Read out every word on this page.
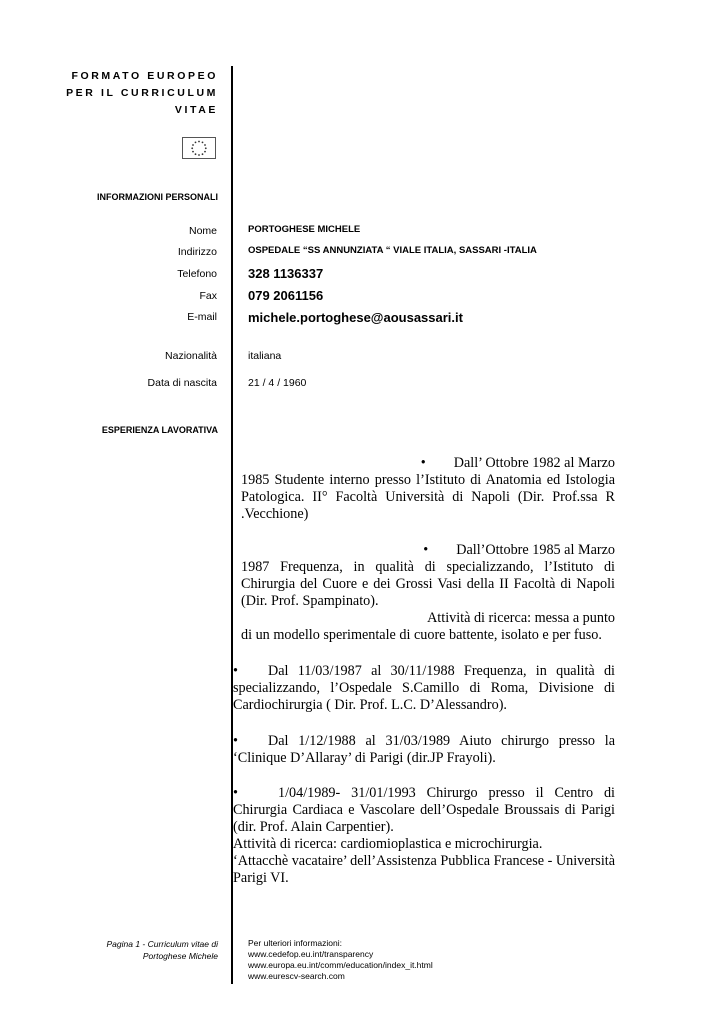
FORMATO EUROPEO
PER IL CURRICULUM
VITAE
INFORMAZIONI PERSONALI
Nome	PORTOGHESE MICHELE
Indirizzo	OSPEDALE “SS ANNUNZIATA “ VIALE ITALIA, SASSARI -ITALIA
Telefono 328 1136337
Fax 079 2061156
E-mail michele.portoghese@aousassari.it
Nazionalità	italiana
Data di nascita	21 / 4 / 1960
ESPERIENZA LAVORATIVA
• Dall’ Ottobre 1982 al Marzo
1985 Studente interno presso l’Istituto di Anatomia ed Istologia Patologica. II° Facoltà Università di Napoli (Dir. Prof.ssa R .Vecchione)
• Dall’Ottobre 1985 al Marzo
1987 Frequenza, in qualità di specializzando, l’Istituto di Chirurgia del Cuore e dei Grossi Vasi della II Facoltà di Napoli (Dir. Prof. Spampinato).
Attività di ricerca: messa a punto
di un modello sperimentale di cuore battente, isolato e per fuso.
• Dal 11/03/1987 al 30/11/1988 Frequenza, in qualità di specializzando, l’Ospedale S.Camillo di Roma, Divisione di Cardiochirurgia ( Dir. Prof. L.C. D’Alessandro).
• Dal 1/12/1988 al 31/03/1989 Aiuto chirurgo presso la ‘Clinique D’Allaray’ di Parigi (dir.JP Frayoli).
•	1/04/1989- 31/01/1993 Chirurgo presso il Centro di Chirurgia Cardiaca e Vascolare dell’Ospedale Broussais di Parigi (dir. Prof. Alain Carpentier).
Attività di ricerca: cardiomioplastica e microchirurgia.
‘Attacchè vacataire’ dell’Assistenza Pubblica Francese - Università Parigi VI.
Pagina 1 - Curriculum vitae di
Portoghese Michele
Per ulteriori informazioni:
www.cedefop.eu.int/transparency
www.europa.eu.int/comm/education/index_it.html
www.eurescv-search.com
